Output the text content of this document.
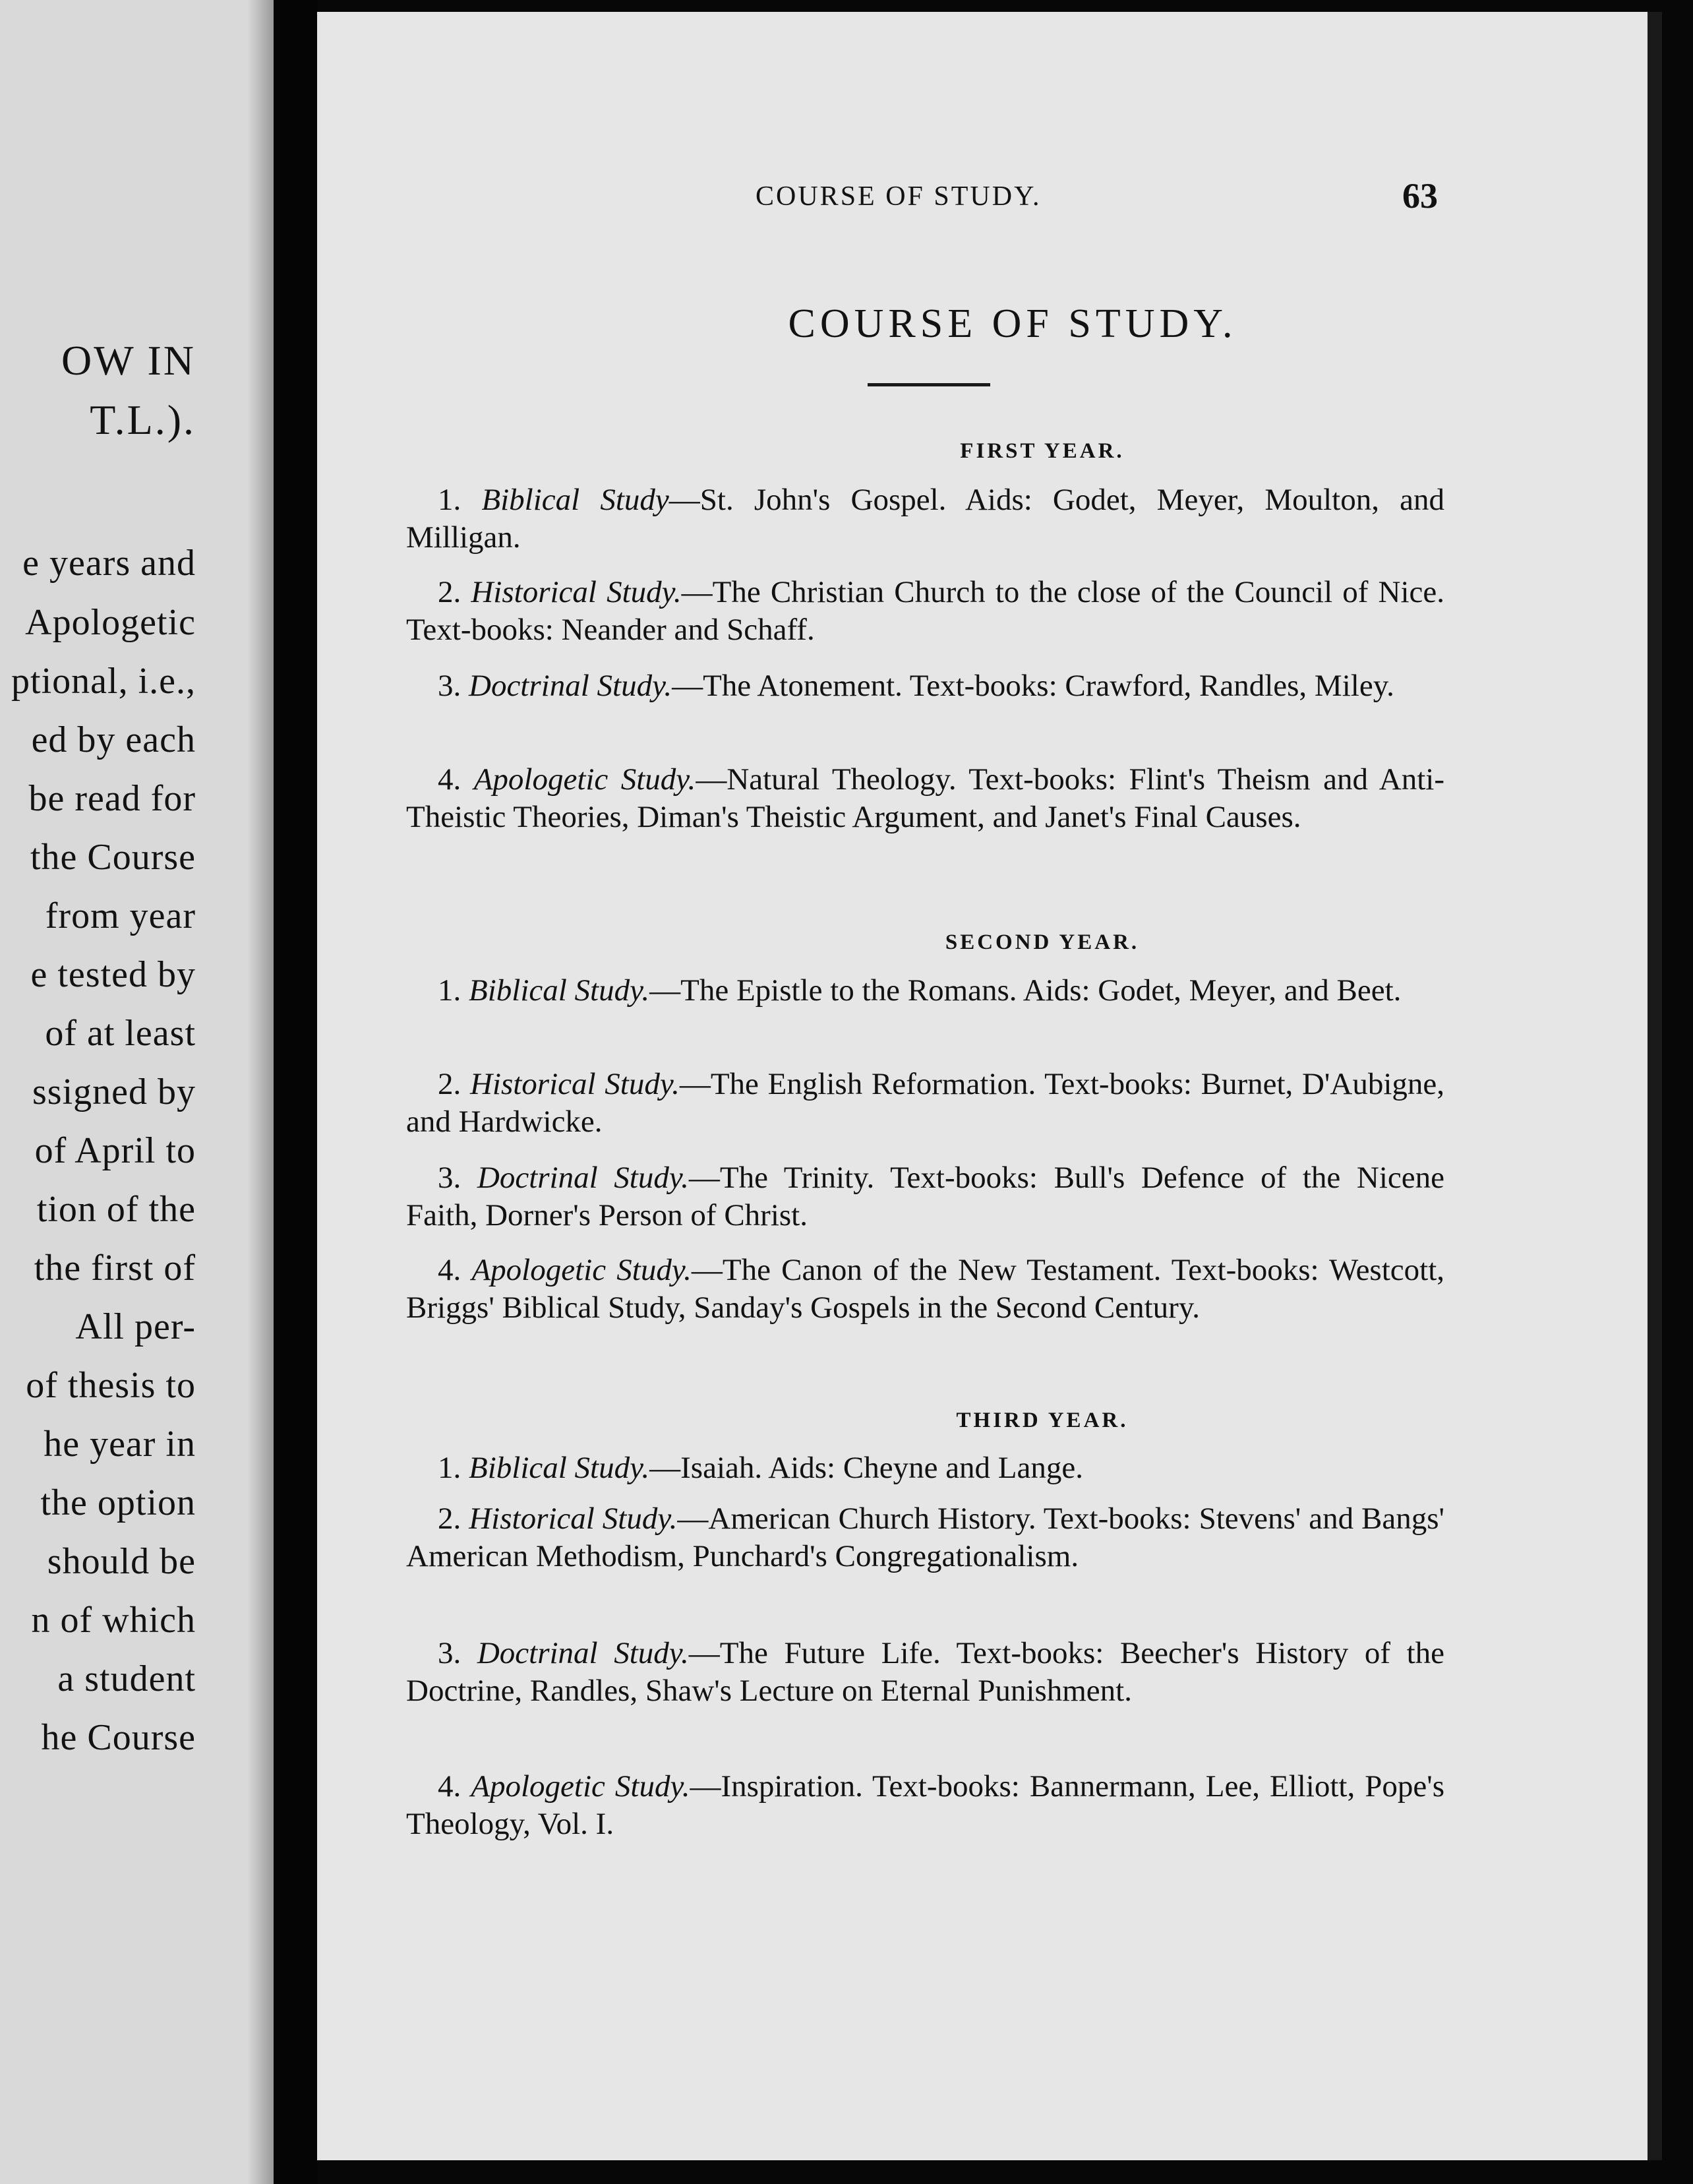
OW IN
T.L.).
e years and
Apologetic
ptional, i.e.,
ed by each
be read for
the Course
from year
e tested by
of at least
ssigned by
of April to
tion of the
the first of
All per-
of thesis to
he year in
the option
should be
n of which
a student
he Course
COURSE OF STUDY.	63
COURSE OF STUDY.
FIRST YEAR.
1. Biblical Study—St. John's Gospel. Aids: Godet, Meyer, Moulton, and Milligan.
2. Historical Study.—The Christian Church to the close of the Council of Nice. Text-books: Neander and Schaff.
3. Doctrinal Study.—The Atonement. Text-books: Crawford, Randles, Miley.
4. Apologetic Study.—Natural Theology. Text-books: Flint's Theism and Anti-Theistic Theories, Diman's Theistic Argument, and Janet's Final Causes.
SECOND YEAR.
1. Biblical Study.—The Epistle to the Romans. Aids: Godet, Meyer, and Beet.
2. Historical Study.—The English Reformation. Text-books: Burnet, D'Aubigne, and Hardwicke.
3. Doctrinal Study.—The Trinity. Text-books: Bull's Defence of the Nicene Faith, Dorner's Person of Christ.
4. Apologetic Study.—The Canon of the New Testament. Text-books: Westcott, Briggs' Biblical Study, Sanday's Gospels in the Second Century.
THIRD YEAR.
1. Biblical Study.—Isaiah. Aids: Cheyne and Lange.
2. Historical Study.—American Church History. Text-books: Stevens' and Bangs' American Methodism, Punchard's Congregationalism.
3. Doctrinal Study.—The Future Life. Text-books: Beecher's History of the Doctrine, Randles, Shaw's Lecture on Eternal Punishment.
4. Apologetic Study.—Inspiration. Text-books: Bannermann, Lee, Elliott, Pope's Theology, Vol. I.
